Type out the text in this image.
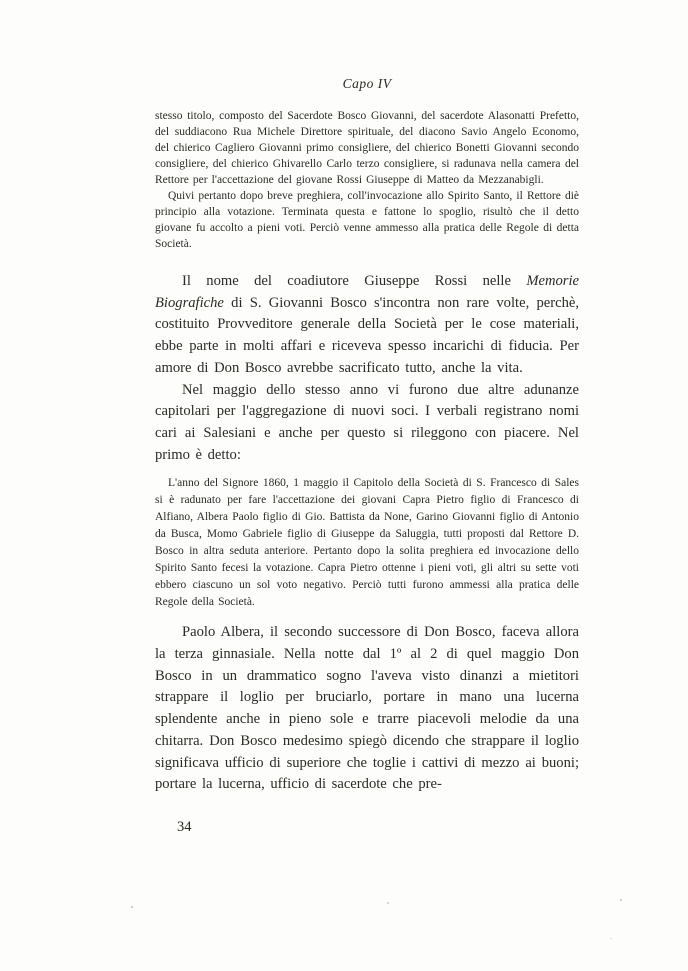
Capo IV

stesso titolo, composto del Sacerdote Bosco Giovanni, del sacerdote Alasonatti Prefetto, del suddiacono Rua Michele Direttore spirituale, del diacono Savio Angelo Economo, del chierico Cagliero Giovanni primo consigliere, del chierico Bonetti Giovanni secondo consigliere, del chierico Ghivarello Carlo terzo consigliere, si radunava nella camera del Rettore per l'accettazione del giovane Rossi Giuseppe di Matteo da Mezzanabigli.

Quivi pertanto dopo breve preghiera, coll'invocazione allo Spirito Santo, il Rettore diè principio alla votazione. Terminata questa e fattone lo spoglio, risultò che il detto giovane fu accolto a pieni voti. Perciò venne ammesso alla pratica delle Regole di detta Società.

Il nome del coadiutore Giuseppe Rossi nelle Memorie Biografiche di S. Giovanni Bosco s'incontra non rare volte, perchè, costituito Provveditore generale della Società per le cose materiali, ebbe parte in molti affari e riceveva spesso incarichi di fiducia. Per amore di Don Bosco avrebbe sacrificato tutto, anche la vita.

Nel maggio dello stesso anno vi furono due altre adunanze capitolari per l'aggregazione di nuovi soci. I verbali registrano nomi cari ai Salesiani e anche per questo si rileggono con piacere. Nel primo è detto:

L'anno del Signore 1860, 1 maggio il Capitolo della Società di S. Francesco di Sales si è radunato per fare l'accettazione dei giovani Capra Pietro figlio di Francesco di Alfiano, Albera Paolo figlio di Gio. Battista da None, Garino Giovanni figlio di Antonio da Busca, Momo Gabriele figlio di Giuseppe da Saluggia, tutti proposti dal Rettore D. Bosco in altra seduta anteriore. Pertanto dopo la solita preghiera ed invocazione dello Spirito Santo fecesi la votazione. Capra Pietro ottenne i pieni voti, gli altri su sette voti ebbero ciascuno un sol voto negativo. Perciò tutti furono ammessi alla pratica delle Regole della Società.

Paolo Albera, il secondo successore di Don Bosco, faceva allora la terza ginnasiale. Nella notte dal 1º al 2 di quel maggio Don Bosco in un drammatico sogno l'aveva visto dinanzi a mietitori strappare il loglio per bruciarlo, portare in mano una lucerna splendente anche in pieno sole e trarre piacevoli melodie da una chitarra. Don Bosco medesimo spiegò dicendo che strappare il loglio significava ufficio di superiore che toglie i cattivi di mezzo ai buoni; portare la lucerna, ufficio di sacerdote che pre-

34
